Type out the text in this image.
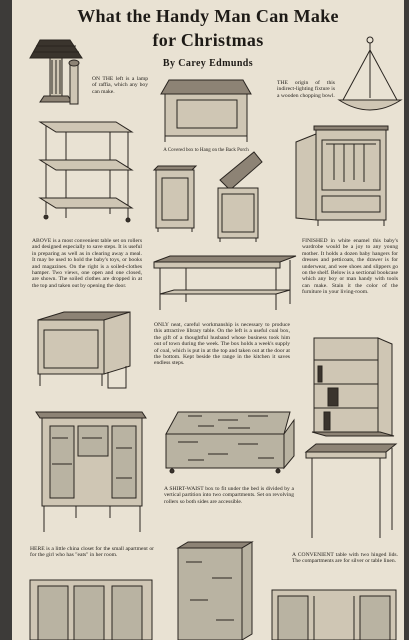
What the Handy Man Can Make
for Christmas
By Carey Edmunds
ON THE left is a lamp of raffia, which any boy can make.
A Covered box to Hang on the Back Porch
THE origin of this indirect-lighting fixture is a wooden chopping bowl.
ABOVE is a most convenient table set on rollers and designed especially to save steps. It is useful in preparing as well as in clearing away a meal. It may be used to hold the baby's toys, or books and magazines. On the right is a soiled-clothes hamper. Two views, one open and one closed, are shown. The soiled clothes are dropped in at the top and taken out by opening the door.
FINISHED in white enamel this baby's wardrobe would be a joy to any young mother. It holds a dozen baby hangers for dresses and petticoats, the drawer is for underwear, and wee shoes and slippers go on the shelf. Below is a sectional bookcase which any boy or man handy with tools can make. Stain it the color of the furniture in your living-room.
ONLY neat, careful workmanship is necessary to produce this attractive library table. On the left is a useful coal box, the gift of a thoughtful husband whose business took him out of town during the week. The box holds a week's supply of coal, which is put in at the top and taken out at the door at the bottom. Kept beside the range in the kitchen it saves endless steps.
A SHIRT-WAIST box to fit under the bed is divided by a vertical partition into two compartments. Set on revolving rollers so both sides are accessible.
HERE is a little china closet for the small apartment or for the girl who has "eats" in her room.	A CONVENIENT table with two hinged lids. The compartments are for silver or table linen.
